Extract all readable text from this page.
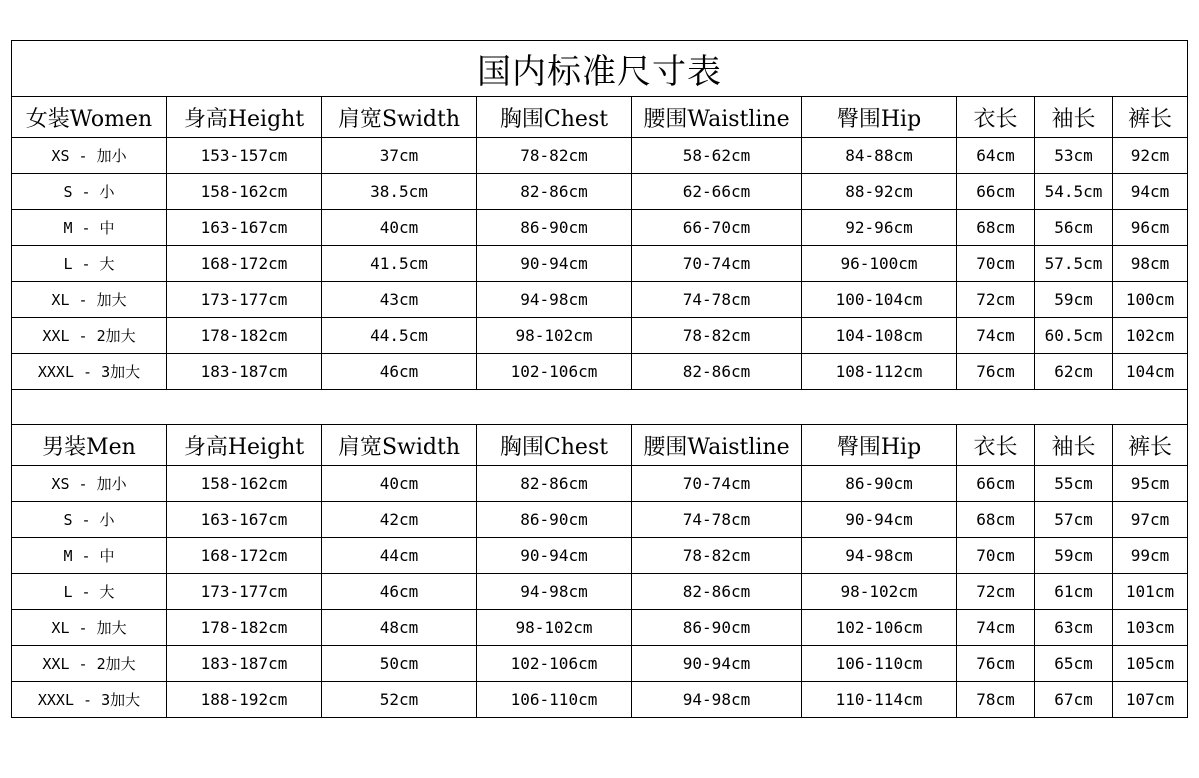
国内标准尺寸表								
女装Women	身高Height	肩宽Swidth	胸围Chest	腰围Waistline	臀围Hip	衣长	袖长	裤长
XS - 加小	153-157cm	37cm	78-82cm	58-62cm	84-88cm	64cm	53cm	92cm
S - 小	158-162cm	38.5cm	82-86cm	62-66cm	88-92cm	66cm	54.5cm	94cm
M - 中	163-167cm	40cm	86-90cm	66-70cm	92-96cm	68cm	56cm	96cm
L - 大	168-172cm	41.5cm	90-94cm	70-74cm	96-100cm	70cm	57.5cm	98cm
XL - 加大	173-177cm	43cm	94-98cm	74-78cm	100-104cm	72cm	59cm	100cm
XXL - 2加大	178-182cm	44.5cm	98-102cm	78-82cm	104-108cm	74cm	60.5cm	102cm
XXXL - 3加大	183-187cm	46cm	102-106cm	82-86cm	108-112cm	76cm	62cm	104cm

男装Men	身高Height	肩宽Swidth	胸围Chest	腰围Waistline	臀围Hip	衣长	袖长	裤长
XS - 加小	158-162cm	40cm	82-86cm	70-74cm	86-90cm	66cm	55cm	95cm
S - 小	163-167cm	42cm	86-90cm	74-78cm	90-94cm	68cm	57cm	97cm
M - 中	168-172cm	44cm	90-94cm	78-82cm	94-98cm	70cm	59cm	99cm
L - 大	173-177cm	46cm	94-98cm	82-86cm	98-102cm	72cm	61cm	101cm
XL - 加大	178-182cm	48cm	98-102cm	86-90cm	102-106cm	74cm	63cm	103cm
XXL - 2加大	183-187cm	50cm	102-106cm	90-94cm	106-110cm	76cm	65cm	105cm
XXXL - 3加大	188-192cm	52cm	106-110cm	94-98cm	110-114cm	78cm	67cm	107cm
